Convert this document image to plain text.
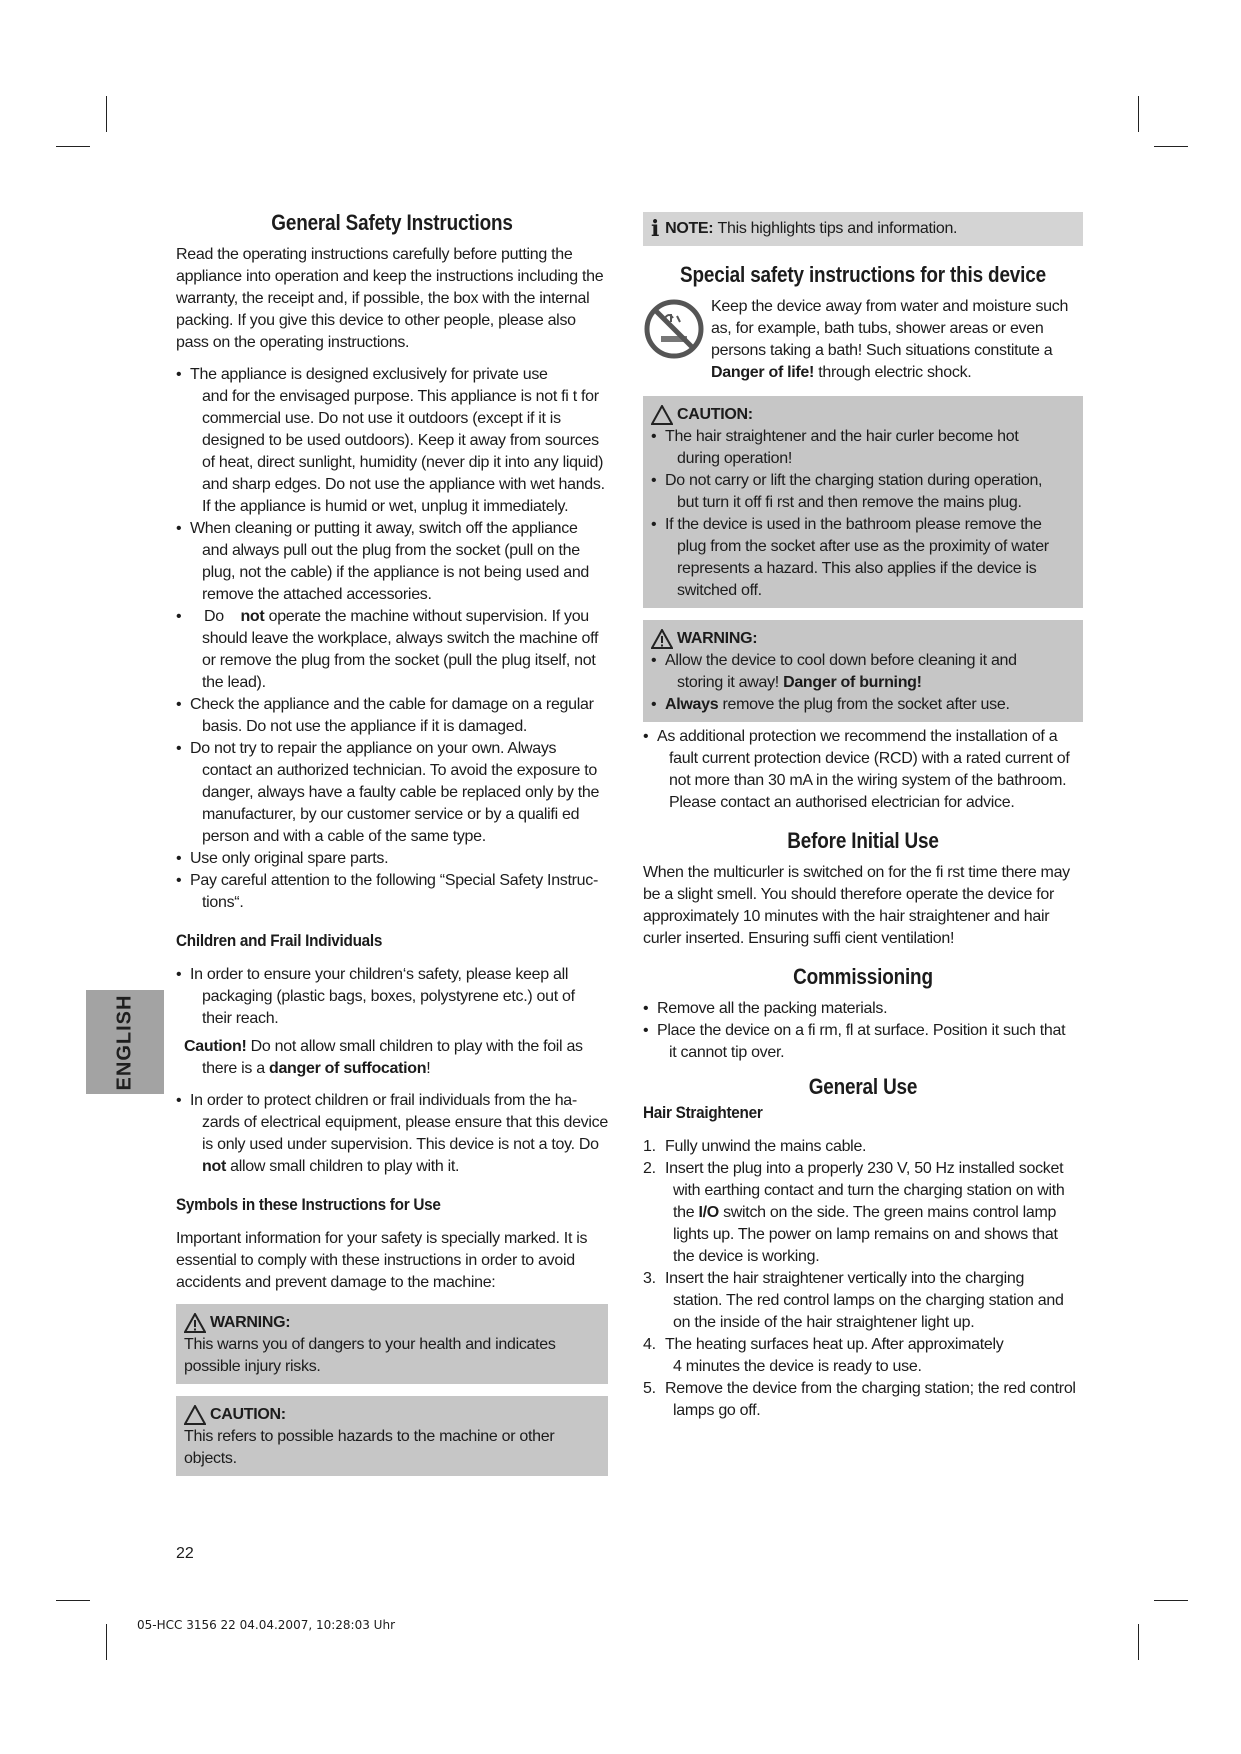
ENGLISH
General Safety Instructions

Read the operating instructions carefully before putting the appliance into operation and keep the instructions including the warranty, the receipt and, if possible, the box with the internal packing. If you give this device to other people, please also pass on the operating instructions.

• The appliance is designed exclusively for private use
and for the envisaged purpose. This appliance is not fi t for commercial use. Do not use it outdoors (except if it is designed to be used outdoors). Keep it away from sources of heat, direct sunlight, humidity (never dip it into any liquid) and sharp edges. Do not use the appliance with wet hands. If the appliance is humid or wet, unplug it immediately.
• When cleaning or putting it away, switch off the appliance
and always pull out the plug from the socket (pull on the plug, not the cable) if the appliance is not being used and remove the attached accessories.
• Do not operate the machine without supervision. If you
should leave the workplace, always switch the machine off or remove the plug from the socket (pull the plug itself, not the lead).
• Check the appliance and the cable for damage on a regular
basis. Do not use the appliance if it is damaged.
• Do not try to repair the appliance on your own. Always
contact an authorized technician. To avoid the exposure to danger, always have a faulty cable be replaced only by the manufacturer, by our customer service or by a qualifi ed person and with a cable of the same type.
• Use only original spare parts.
• Pay careful attention to the following “Special Safety Instruc-
tions“.
Children and Frail Individuals
• In order to ensure your children‘s safety, please keep all
packaging (plastic bags, boxes, polystyrene etc.) out of their reach.

Caution! Do not allow small children to play with the foil as
there is a danger of suffocation!

• In order to protect children or frail individuals from the ha-
zards of electrical equipment, please ensure that this device is only used under supervision. This device is not a toy. Do not allow small children to play with it.
Symbols in these Instructions for Use

Important information for your safety is specially marked. It is essential to comply with these instructions in order to avoid accidents and prevent damage to the machine:

WARNING:
This warns you of dangers to your health and indicates possible injury risks.
CAUTION:
This refers to possible hazards to the machine or other objects.
i NOTE:
This highlights tips and information.
Special safety instructions for this device
Keep the device away from water and moisture such as, for example, bath tubs, shower areas or even persons taking a bath! Such situations constitute a
Danger of life! through electric shock.
CAUTION:
• The hair straightener and the hair curler become hot
during operation!
• Do not carry or lift the charging station during operation,
but turn it off fi rst and then remove the mains plug.
• If the device is used in the bathroom please remove the
plug from the socket after use as the proximity of water represents a hazard. This also applies if the device is switched off.
WARNING:
• Allow the device to cool down before cleaning it and
storing it away! Danger of burning!
• Always remove the plug from the socket after use.
• As additional protection we recommend the installation of a
fault current protection device (RCD) with a rated current of not more than 30 mA in the wiring system of the bathroom. Please contact an authorised electrician for advice.
Before Initial Use

When the multicurler is switched on for the fi rst time there may be a slight smell. You should therefore operate the device for approximately 10 minutes with the hair straightener and hair curler inserted. Ensuring suffi cient ventilation!

Commissioning
• Remove all the packing materials.
• Place the device on a fi rm, fl at surface. Position it such that
it cannot tip over.
General Use
Hair Straightener
1. Fully unwind the mains cable.
2. Insert the plug into a properly 230 V, 50 Hz installed socket
with earthing contact and turn the charging station on with the I/O switch on the side. The green mains control lamp lights up. The power on lamp remains on and shows that the device is working.
3. Insert the hair straightener vertically into the charging
station. The red control lamps on the charging station and on the inside of the hair straightener light up.
4. The heating surfaces heat up. After approximately
4 minutes the device is ready to use.
5. Remove the device from the charging station; the red control
lamps go off.
22
05-HCC 3156 22 04.04.2007, 10:28:03 Uhr
